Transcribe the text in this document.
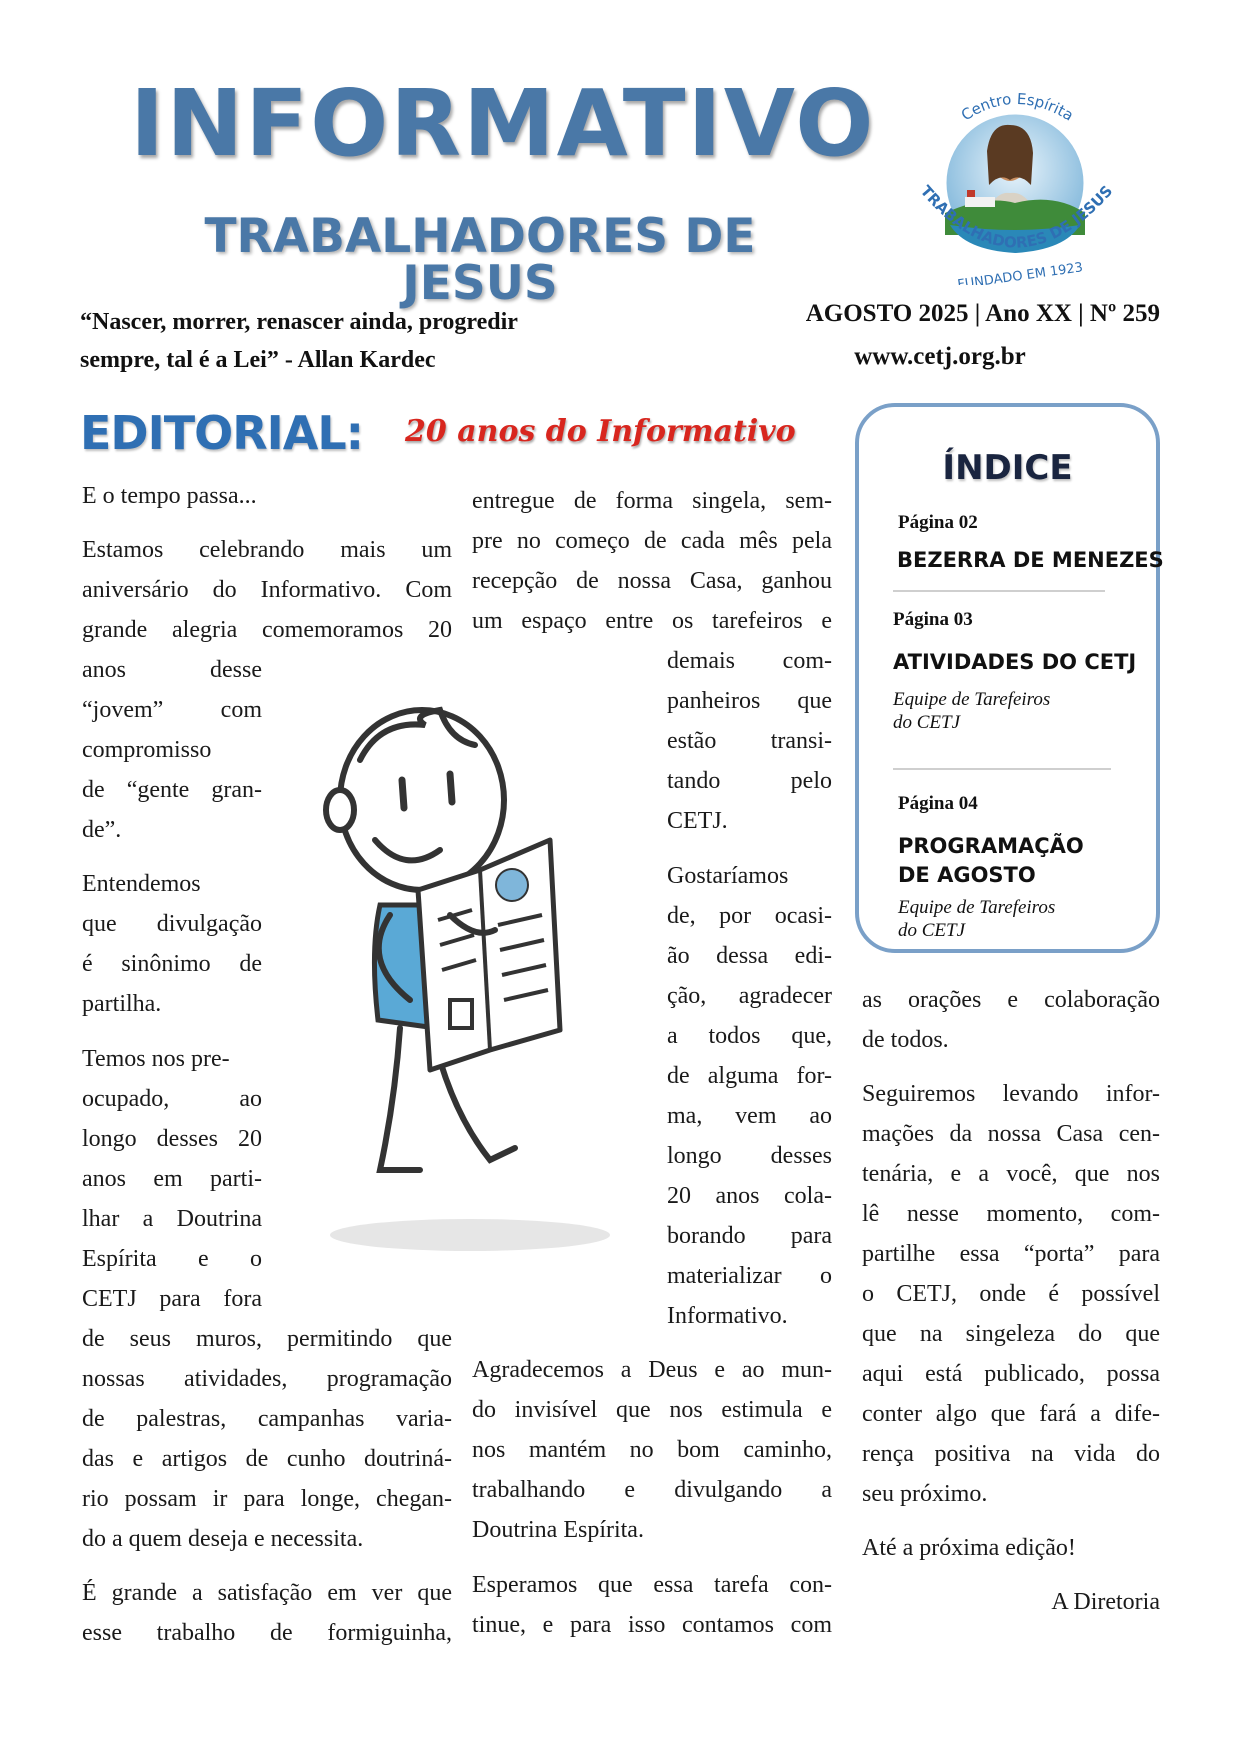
INFORMATIVO
TRABALHADORES DE JESUS
Centro Espírita
TRABALHADORES DE JESUS
FUNDADO EM 1923
“Nascer, morrer, renascer ainda, progredir
sempre, tal é a Lei” - Allan Kardec
AGOSTO 2025 | Ano XX | Nº 259
www.cetj.org.br
EDITORIAL: 20 anos do Informativo
E o tempo passa...
Estamos celebrando mais um
aniversário do Informativo. Com
grande alegria comemoramos 20
anos desse
“jovem” com
compromisso
de “gente gran-
de”.
Entendemos
que divulgação
é sinônimo de
partilha.
Temos nos pre-
ocupado, ao
longo desses 20
anos em parti-
lhar a Doutrina
Espírita e o
CETJ para fora
de seus muros, permitindo que
nossas atividades, programação
de palestras, campanhas varia-
das e artigos de cunho doutriná-
rio possam ir para longe, chegan-
do a quem deseja e necessita.
É grande a satisfação em ver que
esse trabalho de formiguinha,
entregue de forma singela, sem-
pre no começo de cada mês pela
recepção de nossa Casa, ganhou
um espaço entre os tarefeiros e
demais com-
panheiros que
estão transi-
tando pelo
CETJ.
Gostaríamos
de, por ocasi-
ão dessa edi-
ção, agradecer
a todos que,
de alguma for-
ma, vem ao
longo desses
20 anos cola-
borando para
materializar o
Informativo.
Agradecemos a Deus e ao mun-
do invisível que nos estimula e
nos mantém no bom caminho,
trabalhando e divulgando a
Doutrina Espírita.
Esperamos que essa tarefa con-
tinue, e para isso contamos com
as orações e colaboração
de todos.
Seguiremos levando infor-
mações da nossa Casa cen-
tenária, e a você, que nos
lê nesse momento, com-
partilhe essa “porta” para
o CETJ, onde é possível
que na singeleza do que
aqui está publicado, possa
conter algo que fará a dife-
rença positiva na vida do
seu próximo.
Até a próxima edição!
A Diretoria
ÍNDICE
Página 02
BEZERRA DE MENEZES
Página 03
ATIVIDADES DO CETJ
Equipe de Tarefeiros
do CETJ
Página 04
PROGRAMAÇÃO
DE AGOSTO
Equipe de Tarefeiros
do CETJ
